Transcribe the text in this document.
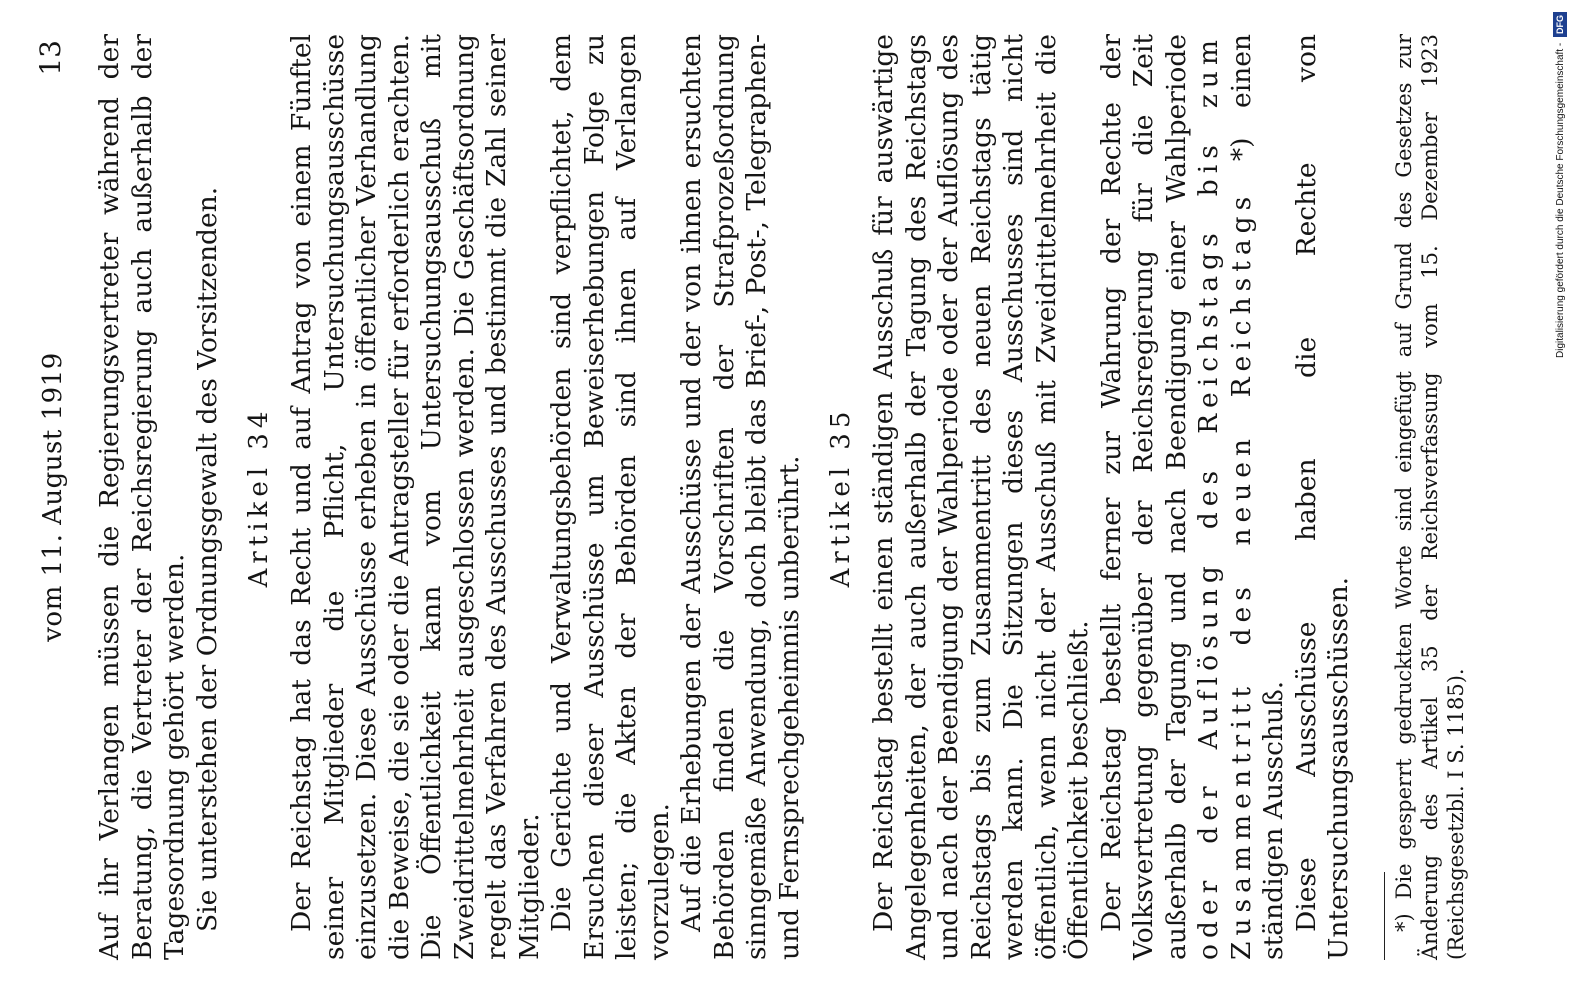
vom 11. August 1919
13 Auf ihr Verlangen müssen die Regierungsvertreter während der Beratung, die Vertreter der Reichsregierung auch außerhalb der Tagesordnung gehört werden. Sie unterstehen der Ordnungsgewalt des Vorsitzenden. Artikel 34 Der Reichstag hat das Recht und auf Antrag von einem Fünftel seiner Mitglieder die Pflicht, Untersuchungsausschüsse einzusetzen. Diese Ausschüsse erheben in öffentlicher Verhandlung die Beweise, die sie oder die Antragsteller für erforderlich erachten. Die Öffentlichkeit kann vom Untersuchungsausschuß mit Zweidrittelmehrheit ausgeschlossen werden. Die Geschäftsordnung regelt das Verfahren des Ausschusses und bestimmt die Zahl seiner Mitglieder. Die Gerichte und Verwaltungsbehörden sind verpflichtet, dem Ersuchen dieser Ausschüsse um Beweiserhebungen Folge zu leisten; die Akten der Behörden sind ihnen auf Verlangen vorzulegen. Auf die Erhebungen der Ausschüsse und der von ihnen ersuchten Behörden finden die Vorschriften der Strafprozeßordnung sinngemäße Anwendung, doch bleibt das Brief-, Post-, Telegraphen- und Fernsprechgeheimnis unberührt. Artikel 35 Der Reichstag bestellt einen ständigen Ausschuß für auswärtige Angelegenheiten, der auch außerhalb der Tagung des Reichstags und nach der Beendigung der Wahlperiode oder der Auflösung des Reichstags bis zum Zusammentritt des neuen Reichstags tätig werden kann. Die Sitzungen dieses Ausschusses sind nicht öffentlich, wenn nicht der Ausschuß mit Zweidrittelmehrheit die Öffentlichkeit beschließt. Der Reichstag bestellt ferner zur Wahrung der Rechte der Volksvertretung gegenüber der Reichsregierung für die Zeit außerhalb der Tagung und nach Beendigung einer Wahlperiode oder der Auflösung des Reichstags bis zum Zusammentritt des neuen Reichstags *) einen ständigen Ausschuß. Diese Ausschüsse haben die Rechte von Untersuchungsausschüssen. *) Die gesperrt gedruckten Worte sind eingefügt auf Grund des Gesetzes zur Änderung des Artikel 35 der Reichsverfassung vom 15. Dezember 1923 (Reichsgesetzbl. I S. 1185).

Digitalisierung gefördert durch die Deutsche Forschungsgemeinschaft - DFG
